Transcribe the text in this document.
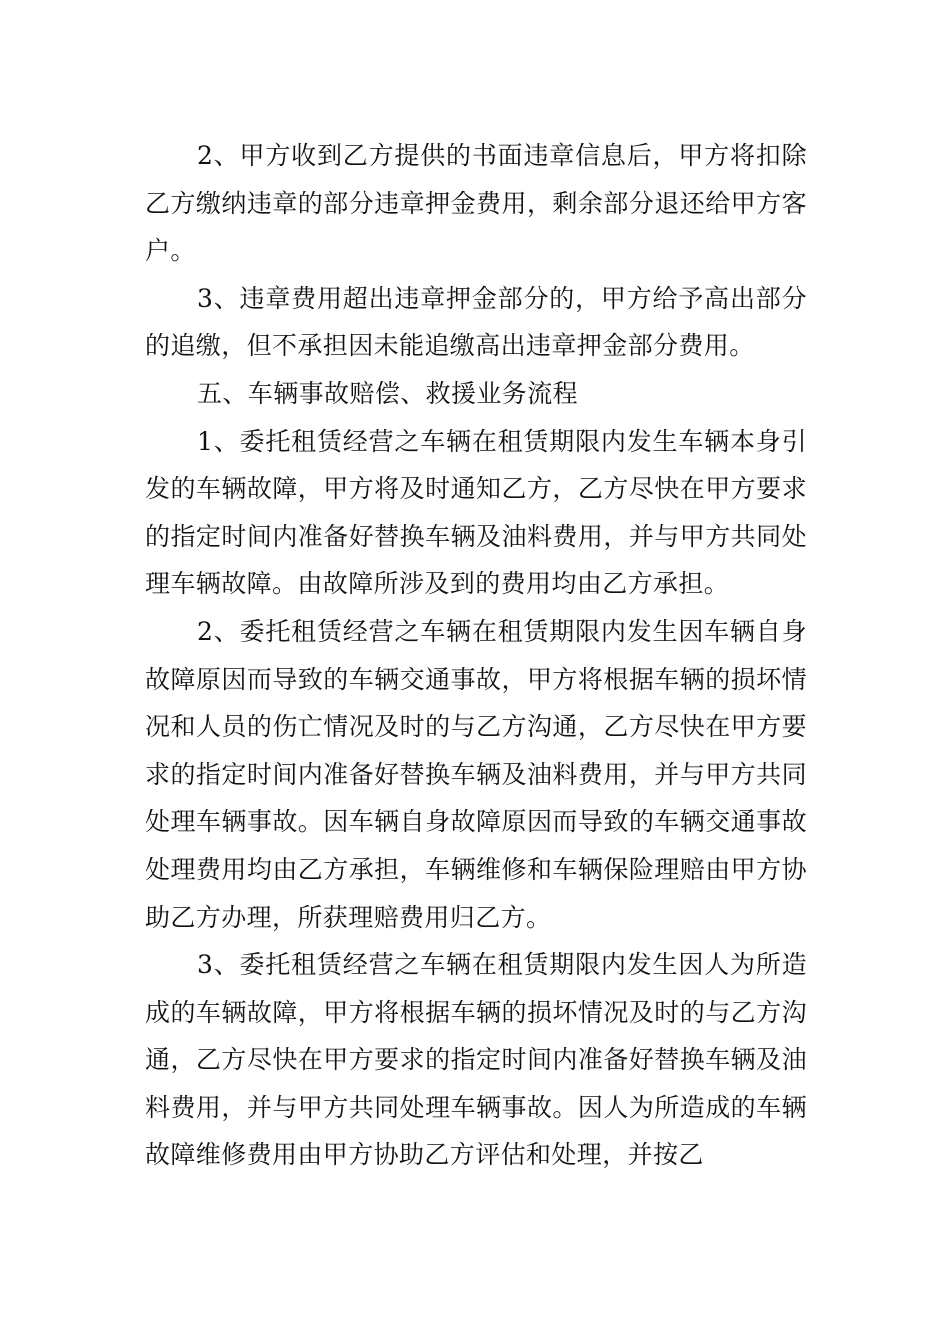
2、甲方收到乙方提供的书面违章信息后，甲方将扣除乙方缴纳违章的部分违章押金费用，剩余部分退还给甲方客户。

3、违章费用超出违章押金部分的，甲方给予高出部分的追缴，但不承担因未能追缴高出违章押金部分费用。

五、车辆事故赔偿、救援业务流程

1、委托租赁经营之车辆在租赁期限内发生车辆本身引发的车辆故障，甲方将及时通知乙方，乙方尽快在甲方要求的指定时间内准备好替换车辆及油料费用，并与甲方共同处理车辆故障。由故障所涉及到的费用均由乙方承担。

2、委托租赁经营之车辆在租赁期限内发生因车辆自身故障原因而导致的车辆交通事故，甲方将根据车辆的损坏情况和人员的伤亡情况及时的与乙方沟通，乙方尽快在甲方要求的指定时间内准备好替换车辆及油料费用，并与甲方共同处理车辆事故。因车辆自身故障原因而导致的车辆交通事故处理费用均由乙方承担，车辆维修和车辆保险理赔由甲方协助乙方办理，所获理赔费用归乙方。

3、委托租赁经营之车辆在租赁期限内发生因人为所造成的车辆故障，甲方将根据车辆的损坏情况及时的与乙方沟通，乙方尽快在甲方要求的指定时间内准备好替换车辆及油料费用，并与甲方共同处理车辆事故。因人为所造成的车辆故障维修费用由甲方协助乙方评估和处理，并按乙
